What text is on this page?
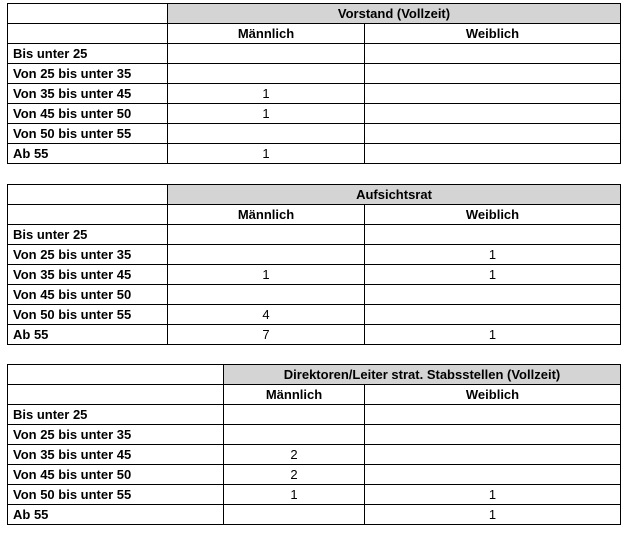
	Vorstand (Vollzeit)	
	Männlich	Weiblich
Bis unter 25		
Von 25 bis unter 35		
Von 35 bis unter 45	1	
Von 45 bis unter 50	1	
Von 50 bis unter 55		
Ab 55	1	
	Aufsichtsrat	
	Männlich	Weiblich
Bis unter 25		
Von 25 bis unter 35		1
Von 35 bis unter 45	1	1
Von 45 bis unter 50		
Von 50 bis unter 55	4	
Ab 55	7	1
	Direktoren/Leiter strat. Stabsstellen (Vollzeit)	
	Männlich	Weiblich
Bis unter 25		
Von 25 bis unter 35		
Von 35 bis unter 45	2	
Von 45 bis unter 50	2	
Von 50 bis unter 55	1	1
Ab 55		1
